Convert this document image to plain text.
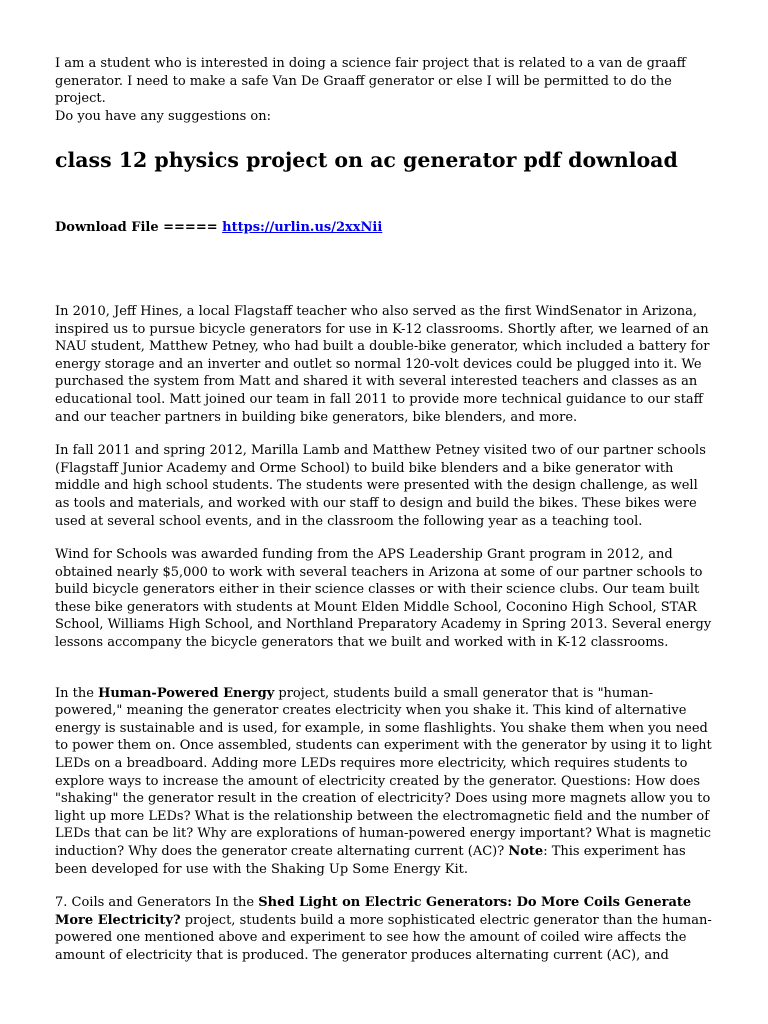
I am a student who is interested in doing a science fair project that is related to a van de graaff generator. I need to make a safe Van De Graaff generator or else I will be permitted to do the project.
Do you have any suggestions on:

class 12 physics project on ac generator pdf download

Download File ===== https://urlin.us/2xxNii

In 2010, Jeff Hines, a local Flagstaff teacher who also served as the first WindSenator in Arizona, inspired us to pursue bicycle generators for use in K-12 classrooms. Shortly after, we learned of an NAU student, Matthew Petney, who had built a double-bike generator, which included a battery for energy storage and an inverter and outlet so normal 120-volt devices could be plugged into it. We purchased the system from Matt and shared it with several interested teachers and classes as an educational tool. Matt joined our team in fall 2011 to provide more technical guidance to our staff and our teacher partners in building bike generators, bike blenders, and more.

In fall 2011 and spring 2012, Marilla Lamb and Matthew Petney visited two of our partner schools (Flagstaff Junior Academy and Orme School) to build bike blenders and a bike generator with middle and high school students. The students were presented with the design challenge, as well as tools and materials, and worked with our staff to design and build the bikes. These bikes were used at several school events, and in the classroom the following year as a teaching tool.

Wind for Schools was awarded funding from the APS Leadership Grant program in 2012, and obtained nearly $5,000 to work with several teachers in Arizona at some of our partner schools to build bicycle generators either in their science classes or with their science clubs. Our team built these bike generators with students at Mount Elden Middle School, Coconino High School, STAR School, Williams High School, and Northland Preparatory Academy in Spring 2013. Several energy lessons accompany the bicycle generators that we built and worked with in K-12 classrooms.

In the Human-Powered Energy project, students build a small generator that is "human-powered," meaning the generator creates electricity when you shake it. This kind of alternative energy is sustainable and is used, for example, in some flashlights. You shake them when you need to power them on. Once assembled, students can experiment with the generator by using it to light LEDs on a breadboard. Adding more LEDs requires more electricity, which requires students to explore ways to increase the amount of electricity created by the generator. Questions: How does "shaking" the generator result in the creation of electricity? Does using more magnets allow you to light up more LEDs? What is the relationship between the electromagnetic field and the number of LEDs that can be lit? Why are explorations of human-powered energy important? What is magnetic induction? Why does the generator create alternating current (AC)? Note: This experiment has been developed for use with the Shaking Up Some Energy Kit.

7. Coils and Generators In the Shed Light on Electric Generators: Do More Coils Generate More Electricity? project, students build a more sophisticated electric generator than the human-powered one mentioned above and experiment to see how the amount of coiled wire affects the amount of electricity that is produced. The generator produces alternating current (AC), and
